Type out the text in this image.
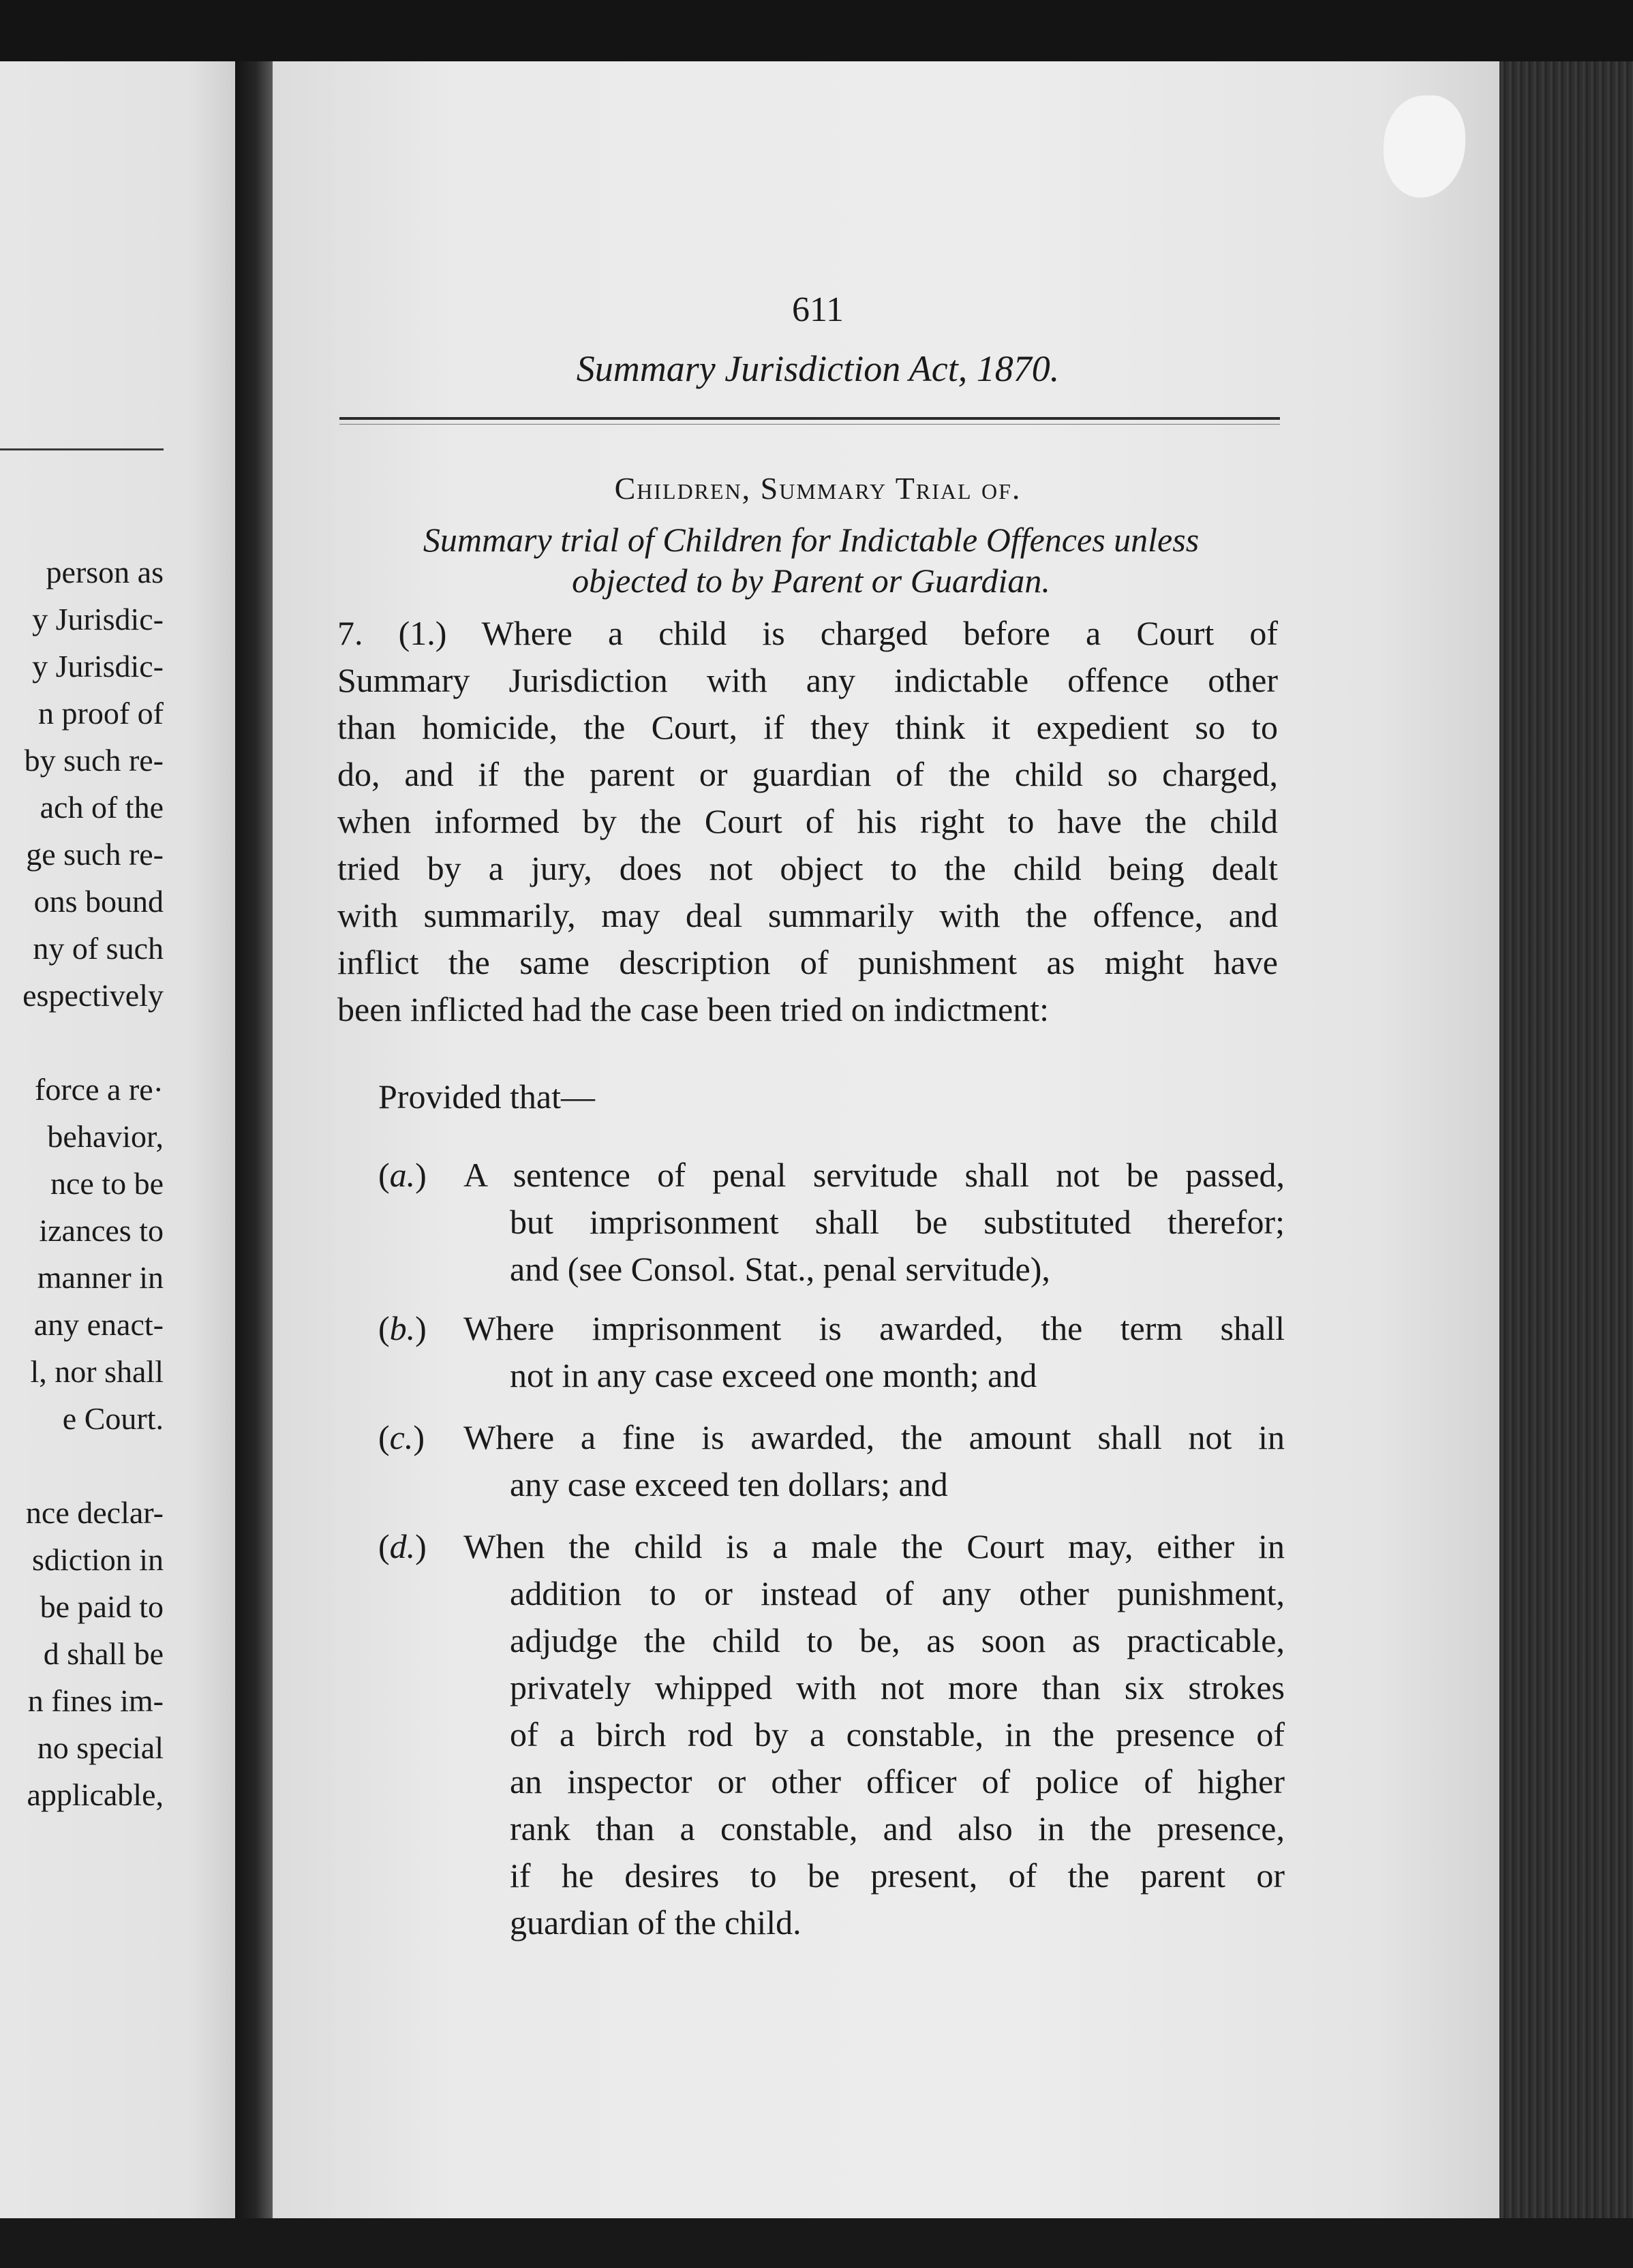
person as
y Jurisdic-
y Jurisdic-
n proof of
by such re-
ach of the
ge such re-
ons bound
ny of such
espectively
force a re·
behavior,
nce to be
izances to
manner in
any enact-
l, nor shall
e Court.
nce declar-
sdiction in
be paid to
d shall be
n fines im-
no special
applicable,
611
Summary Jurisdiction Act, 1870.
Children, Summary Trial of.
Summary trial of Children for Indictable Offences unless
objected to by Parent or Guardian.
7. (1.) Where a child is charged before a Court of
Summary Jurisdiction with any indictable offence other
than homicide, the Court, if they think it expedient so to
do, and if the parent or guardian of the child so charged,
when informed by the Court of his right to have the child
tried by a jury, does not object to the child being dealt
with summarily, may deal summarily with the offence, and
inflict the same description of punishment as might have
been inflicted had the case been tried on indictment:
Provided that—
(a.) A sentence of penal servitude shall not be passed,
but imprisonment shall be substituted therefor;
and (see Consol. Stat., penal servitude),
(b.) Where imprisonment is awarded, the term shall
not in any case exceed one month; and
(c.) Where a fine is awarded, the amount shall not in
any case exceed ten dollars; and
(d.) When the child is a male the Court may, either in
addition to or instead of any other punishment,
adjudge the child to be, as soon as practicable,
privately whipped with not more than six strokes
of a birch rod by a constable, in the presence of
an inspector or other officer of police of higher
rank than a constable, and also in the presence,
if he desires to be present, of the parent or
guardian of the child.
